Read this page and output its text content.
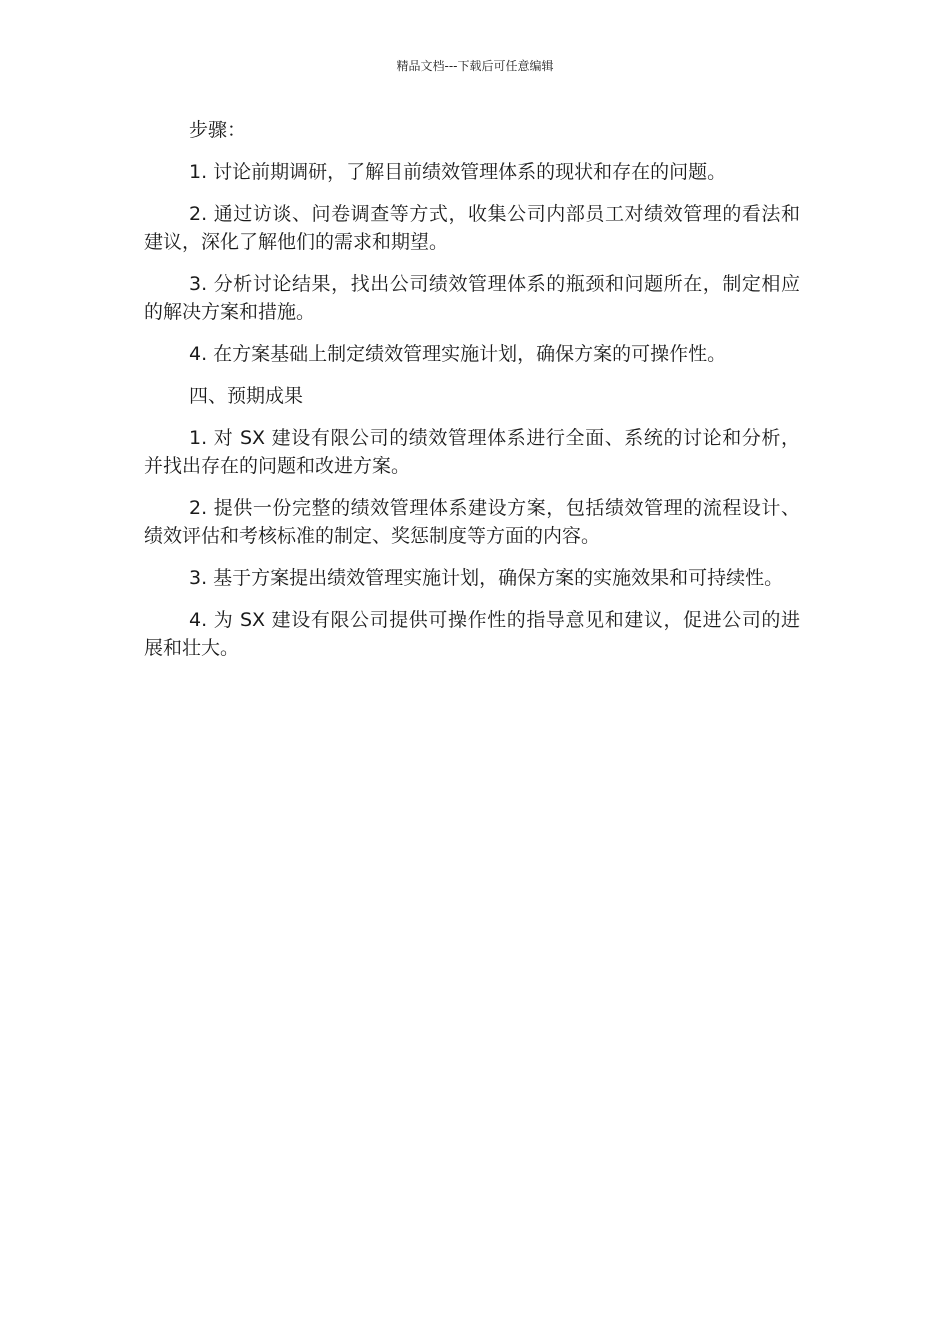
精品文档---下载后可任意编辑

步骤：

1. 讨论前期调研，了解目前绩效管理体系的现状和存在的问题。

2. 通过访谈、问卷调查等方式，收集公司内部员工对绩效管理的看法和建议，深化了解他们的需求和期望。

3. 分析讨论结果，找出公司绩效管理体系的瓶颈和问题所在，制定相应的解决方案和措施。

4. 在方案基础上制定绩效管理实施计划，确保方案的可操作性。

四、预期成果

1. 对 SX 建设有限公司的绩效管理体系进行全面、系统的讨论和分析，并找出存在的问题和改进方案。

2. 提供一份完整的绩效管理体系建设方案，包括绩效管理的流程设计、绩效评估和考核标准的制定、奖惩制度等方面的内容。

3. 基于方案提出绩效管理实施计划，确保方案的实施效果和可持续性。

4. 为 SX 建设有限公司提供可操作性的指导意见和建议，促进公司的进展和壮大。
